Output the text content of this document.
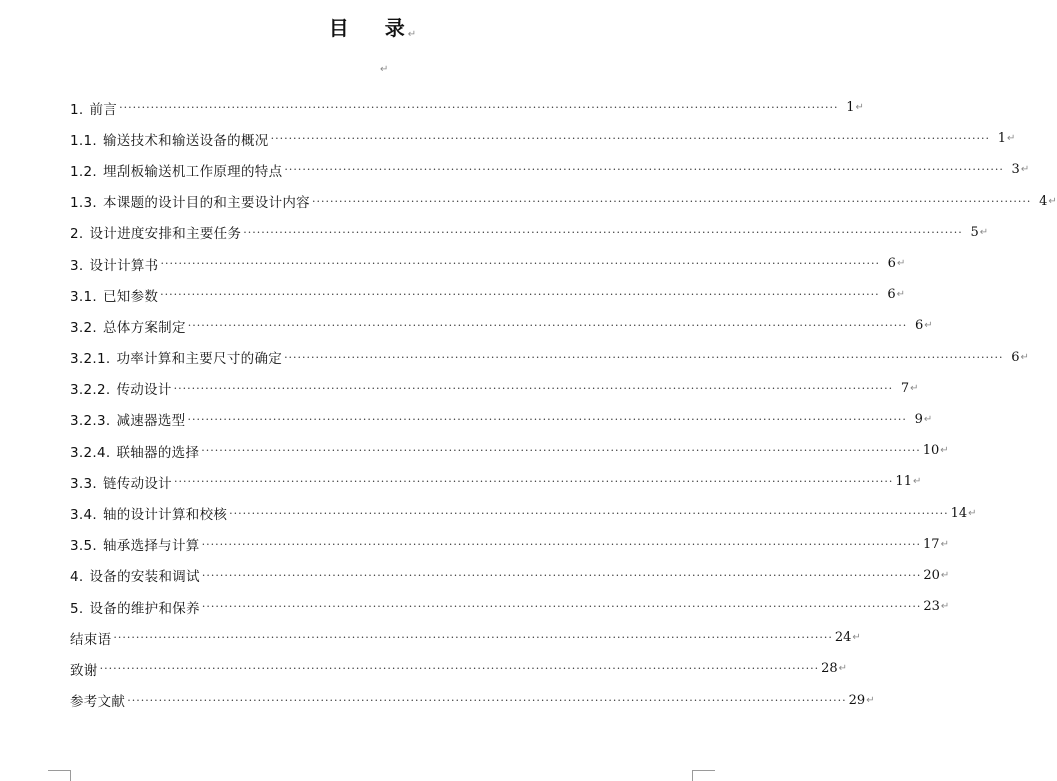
目 录↵
↵
1. 前言 ································································································································································ 1 ↵
1.1. 输送技术和输送设备的概况 ································································································································································ 1 ↵
1.2. 埋刮板输送机工作原理的特点 ································································································································································ 3 ↵
1.3. 本课题的设计目的和主要设计内容 ································································································································································ 4 ↵
2. 设计进度安排和主要任务 ································································································································································ 5 ↵
3. 设计计算书 ································································································································································ 6 ↵
3.1. 已知参数 ································································································································································ 6 ↵
3.2. 总体方案制定 ································································································································································ 6 ↵
3.2.1. 功率计算和主要尺寸的确定 ································································································································································ 6 ↵
3.2.2. 传动设计 ································································································································································ 7 ↵
3.2.3. 减速器选型 ································································································································································ 9 ↵
3.2.4. 联轴器的选择 ································································································································································ 10 ↵
3.3. 链传动设计 ································································································································································ 11 ↵
3.4. 轴的设计计算和校核 ································································································································································ 14 ↵
3.5. 轴承选择与计算 ································································································································································ 17 ↵
4. 设备的安装和调试 ································································································································································ 20 ↵
5. 设备的维护和保养 ································································································································································ 23 ↵
结束语 ································································································································································ 24 ↵
致谢 ································································································································································ 28 ↵
参考文献 ································································································································································ 29 ↵
